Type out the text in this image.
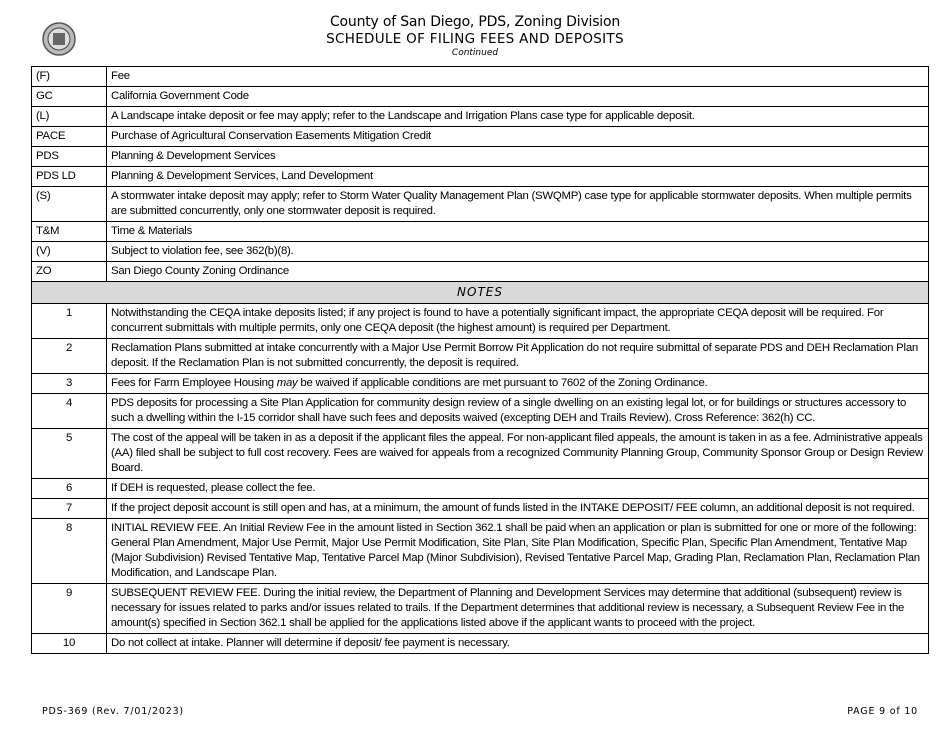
County of San Diego, PDS, Zoning Division
SCHEDULE OF FILING FEES AND DEPOSITS
Continued
(F)	Fee
GC	California Government Code
(L)	A Landscape intake deposit or fee may apply; refer to the Landscape and Irrigation Plans case type for applicable deposit.
PACE	Purchase of Agricultural Conservation Easements Mitigation Credit
PDS	Planning & Development Services
PDS LD	Planning & Development Services, Land Development
(S)	A stormwater intake deposit may apply; refer to Storm Water Quality Management Plan (SWQMP) case type for applicable stormwater deposits. When multiple permits are submitted concurrently, only one stormwater deposit is required.
T&M	Time & Materials
(V)	Subject to violation fee, see 362(b)(8).
ZO	San Diego County Zoning Ordinance
NOTES	
1	Notwithstanding the CEQA intake deposits listed; if any project is found to have a potentially significant impact, the appropriate CEQA deposit will be required. For concurrent submittals with multiple permits, only one CEQA deposit (the highest amount) is required per Department.
2	Reclamation Plans submitted at intake concurrently with a Major Use Permit Borrow Pit Application do not require submittal of separate PDS and DEH Reclamation Plan deposit. If the Reclamation Plan is not submitted concurrently, the deposit is required.
3	Fees for Farm Employee Housing may be waived if applicable conditions are met pursuant to 7602 of the Zoning Ordinance.
4	PDS deposits for processing a Site Plan Application for community design review of a single dwelling on an existing legal lot, or for buildings or structures accessory to such a dwelling within the I-15 corridor shall have such fees and deposits waived (excepting DEH and Trails Review). Cross Reference: 362(h) CC.
5	The cost of the appeal will be taken in as a deposit if the applicant files the appeal. For non-applicant filed appeals, the amount is taken in as a fee. Administrative appeals (AA) filed shall be subject to full cost recovery. Fees are waived for appeals from a recognized Community Planning Group, Community Sponsor Group or Design Review Board.
6	If DEH is requested, please collect the fee.
7	If the project deposit account is still open and has, at a minimum, the amount of funds listed in the INTAKE DEPOSIT/ FEE column, an additional deposit is not required.
8	INITIAL REVIEW FEE. An Initial Review Fee in the amount listed in Section 362.1 shall be paid when an application or plan is submitted for one or more of the following: General Plan Amendment, Major Use Permit, Major Use Permit Modification, Site Plan, Site Plan Modification, Specific Plan, Specific Plan Amendment, Tentative Map (Major Subdivision) Revised Tentative Map, Tentative Parcel Map (Minor Subdivision), Revised Tentative Parcel Map, Grading Plan, Reclamation Plan, Reclamation Plan Modification, and Landscape Plan.
9	SUBSEQUENT REVIEW FEE. During the initial review, the Department of Planning and Development Services may determine that additional (subsequent) review is necessary for issues related to parks and/or issues related to trails. If the Department determines that additional review is necessary, a Subsequent Review Fee in the amount(s) specified in Section 362.1 shall be applied for the applications listed above if the applicant wants to proceed with the project.
10	Do not collect at intake. Planner will determine if deposit/ fee payment is necessary.
PDS-369 (Rev. 7/01/2023)	PAGE 9 of 10
